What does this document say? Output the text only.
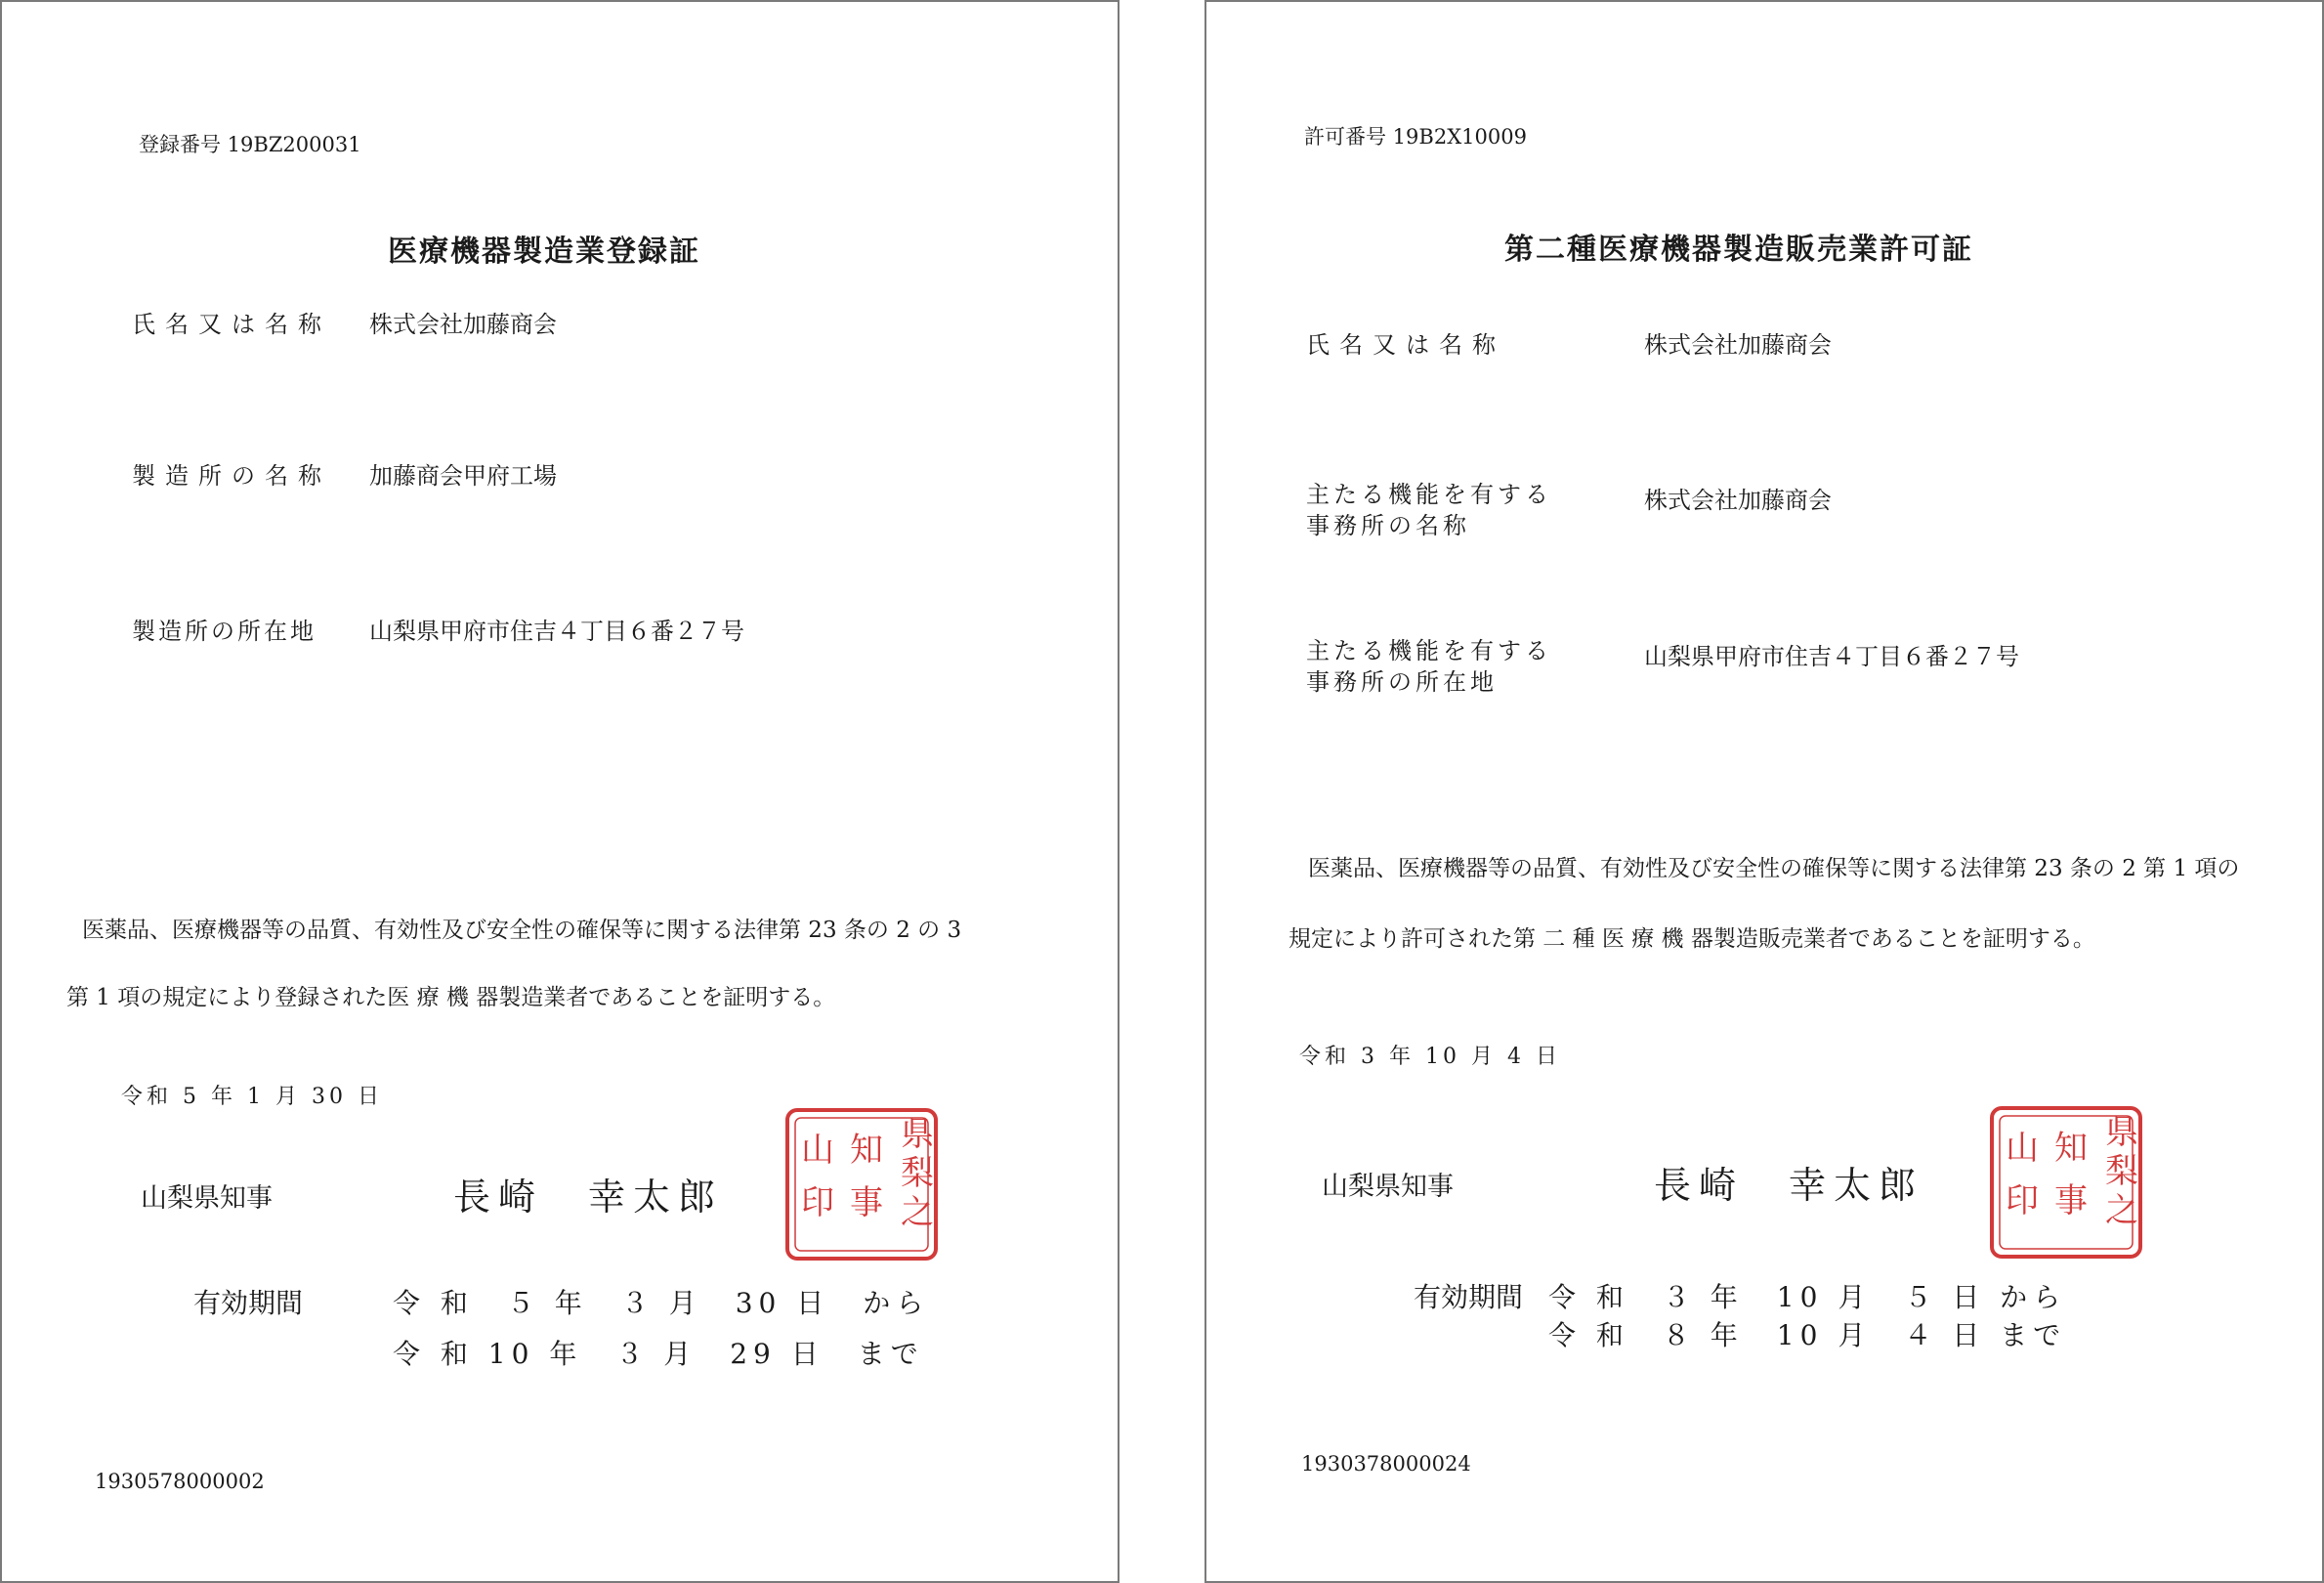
登録番号 19BZ200031
医療機器製造業登録証
氏名又は名称 株式会社加藤商会
製造所の名称 加藤商会甲府工場
製造所の所在地 山梨県甲府市住吉４丁目６番２７号
医薬品、医療機器等の品質、有効性及び安全性の確保等に関する法律第 23 条の 2 の 3
第 1 項の規定により登録された医 療 機 器製造業者であることを証明する。
令和 5 年 1 月 30 日
山梨県知事	長崎　幸太郎
県
梨
之
知
事
山
印
有効期間	令 和　５ 年　３ 月　30 日　から
令 和 10 年　３ 月　29 日　まで
1930578000002
許可番号 19B2X10009
第二種医療機器製造販売業許可証
氏名又は名称	株式会社加藤商会
主たる機能を有する事務所の名称
株式会社加藤商会
主たる機能を有する事務所の所在地
山梨県甲府市住吉４丁目６番２７号
医薬品、医療機器等の品質、有効性及び安全性の確保等に関する法律第 23 条の 2 第 1 項の
規定により許可された第 二 種 医 療 機 器製造販売業者であることを証明する。
令和 3 年 10 月 4 日
山梨県知事	長崎　幸太郎
県
梨
之
知
事
山
印
有効期間 令 和　３ 年　10 月　５ 日 から
令 和　８ 年　10 月　４ 日 まで
1930378000024
